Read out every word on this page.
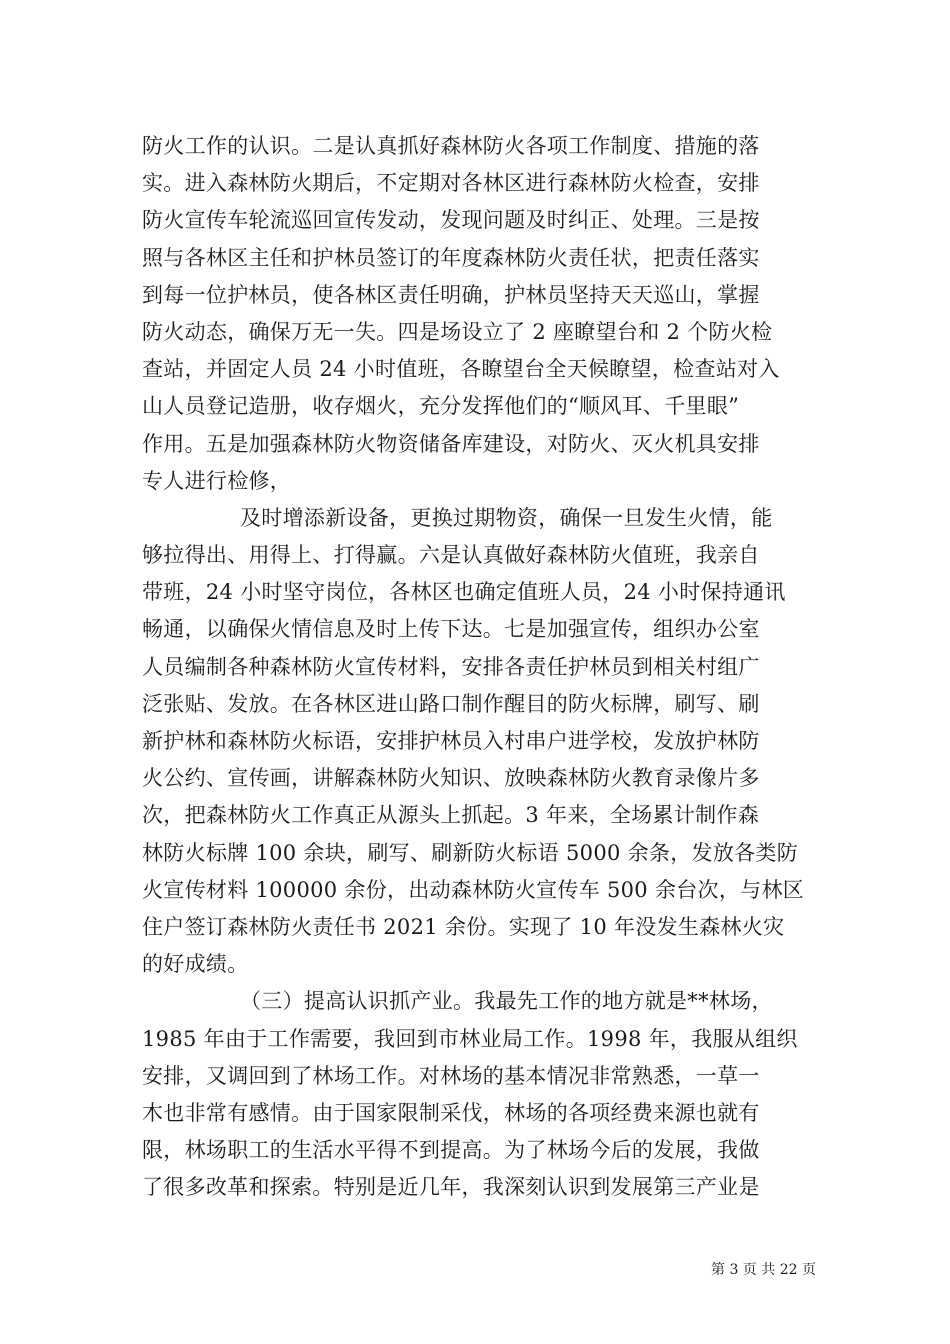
防火工作的认识。二是认真抓好森林防火各项工作制度、措施的落
实。进入森林防火期后，不定期对各林区进行森林防火检查，安排
防火宣传车轮流巡回宣传发动，发现问题及时纠正、处理。三是按
照与各林区主任和护林员签订的年度森林防火责任状，把责任落实
到每一位护林员，使各林区责任明确，护林员坚持天天巡山，掌握
防火动态，确保万无一失。四是场设立了 2 座瞭望台和 2 个防火检
查站，并固定人员 24 小时值班，各瞭望台全天候瞭望，检查站对入
山人员登记造册，收存烟火，充分发挥他们的“顺风耳、千里眼”
作用。五是加强森林防火物资储备库建设，对防火、灭火机具安排
专人进行检修，
及时增添新设备，更换过期物资，确保一旦发生火情，能
够拉得出、用得上、打得赢。六是认真做好森林防火值班，我亲自
带班，24 小时坚守岗位，各林区也确定值班人员，24 小时保持通讯
畅通，以确保火情信息及时上传下达。七是加强宣传，组织办公室
人员编制各种森林防火宣传材料，安排各责任护林员到相关村组广
泛张贴、发放。在各林区进山路口制作醒目的防火标牌，刷写、刷
新护林和森林防火标语，安排护林员入村串户进学校，发放护林防
火公约、宣传画，讲解森林防火知识、放映森林防火教育录像片多
次，把森林防火工作真正从源头上抓起。3 年来，全场累计制作森
林防火标牌 100 余块，刷写、刷新防火标语 5000 余条，发放各类防
火宣传材料 100000 余份，出动森林防火宣传车 500 余台次，与林区
住户签订森林防火责任书 2021 余份。实现了 10 年没发生森林火灾
的好成绩。
（三）提高认识抓产业。我最先工作的地方就是**林场，
1985 年由于工作需要，我回到市林业局工作。1998 年，我服从组织
安排，又调回到了林场工作。对林场的基本情况非常熟悉，一草一
木也非常有感情。由于国家限制采伐，林场的各项经费来源也就有
限，林场职工的生活水平得不到提高。为了林场今后的发展，我做
了很多改革和探索。特别是近几年，我深刻认识到发展第三产业是
第 3 页 共 22 页
